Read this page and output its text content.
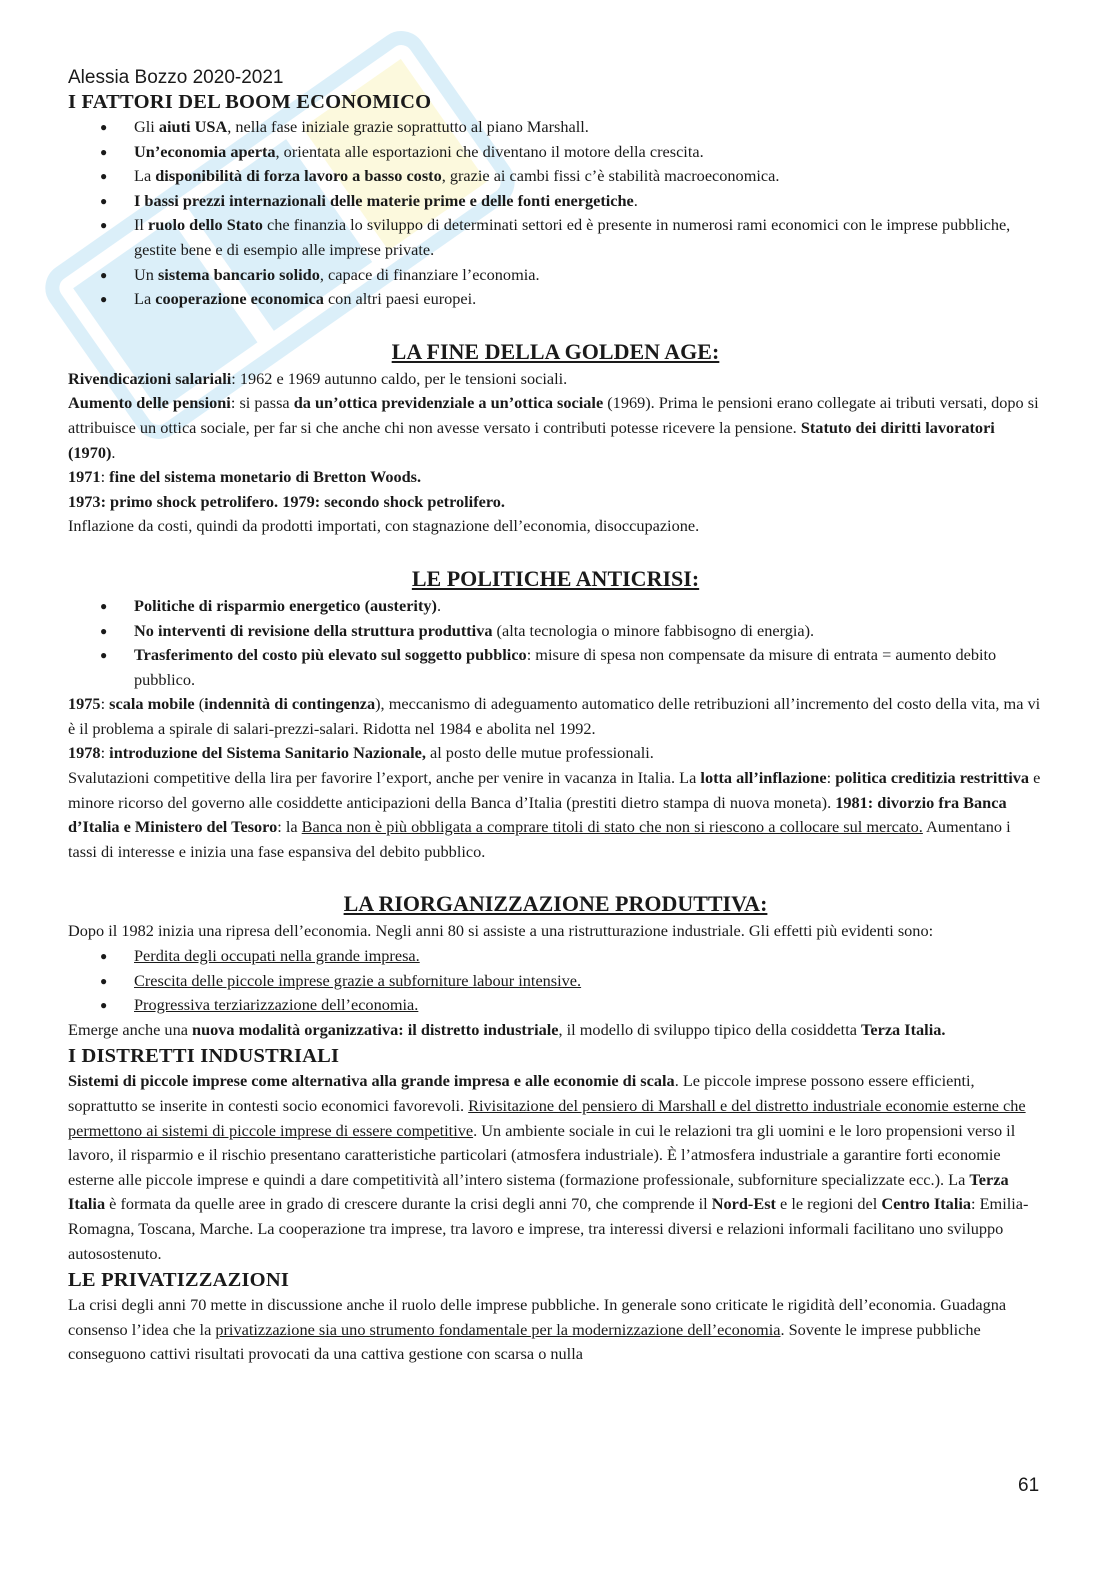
Alessia Bozzo 2020-2021

I FATTORI DEL BOOM ECONOMICO
● Gli aiuti USA, nella fase iniziale grazie soprattutto al piano Marshall.
● Un’economia aperta, orientata alle esportazioni che diventano il motore della crescita.
● La disponibilità di forza lavoro a basso costo, grazie ai cambi fissi c’è stabilità macroeconomica.
● I bassi prezzi internazionali delle materie prime e delle fonti energetiche.
● Il ruolo dello Stato che finanzia lo sviluppo di determinati settori ed è presente in numerosi rami economici con le imprese pubbliche, gestite bene e di esempio alle imprese private.
● Un sistema bancario solido, capace di finanziare l’economia.
● La cooperazione economica con altri paesi europei.
LA FINE DELLA GOLDEN AGE:

Rivendicazioni salariali: 1962 e 1969 autunno caldo, per le tensioni sociali.

Aumento delle pensioni: si passa da un’ottica previdenziale a un’ottica sociale (1969). Prima le pensioni erano collegate ai tributi versati, dopo si attribuisce un ottica sociale, per far si che anche chi non avesse versato i contributi potesse ricevere la pensione. Statuto dei diritti lavoratori (1970).

1971: fine del sistema monetario di Bretton Woods.

1973: primo shock petrolifero. 1979: secondo shock petrolifero.

Inflazione da costi, quindi da prodotti importati, con stagnazione dell’economia, disoccupazione.

LE POLITICHE ANTICRISI:
● Politiche di risparmio energetico (austerity).
● No interventi di revisione della struttura produttiva (alta tecnologia o minore fabbisogno di energia).
● Trasferimento del costo più elevato sul soggetto pubblico: misure di spesa non compensate da misure di entrata = aumento debito pubblico.

1975: scala mobile (indennità di contingenza), meccanismo di adeguamento automatico delle retribuzioni all’incremento del costo della vita, ma vi è il problema a spirale di salari-prezzi-salari. Ridotta nel 1984 e abolita nel 1992.

1978: introduzione del Sistema Sanitario Nazionale, al posto delle mutue professionali.

Svalutazioni competitive della lira per favorire l’export, anche per venire in vacanza in Italia. La lotta all’inflazione: politica creditizia restrittiva e minore ricorso del governo alle cosiddette anticipazioni della Banca d’Italia (prestiti dietro stampa di nuova moneta). 1981: divorzio fra Banca d’Italia e Ministero del Tesoro: la Banca non è più obbligata a comprare titoli di stato che non si riescono a collocare sul mercato. Aumentano i tassi di interesse e inizia una fase espansiva del debito pubblico.

LA RIORGANIZZAZIONE PRODUTTIVA:

Dopo il 1982 inizia una ripresa dell’economia. Negli anni 80 si assiste a una ristrutturazione industriale. Gli effetti più evidenti sono:

● Perdita degli occupati nella grande impresa.
● Crescita delle piccole imprese grazie a subforniture labour intensive.
● Progressiva terziarizzazione dell’economia.

Emerge anche una nuova modalità organizzativa: il distretto industriale, il modello di sviluppo tipico della cosiddetta Terza Italia.

I DISTRETTI INDUSTRIALI

Sistemi di piccole imprese come alternativa alla grande impresa e alle economie di scala. Le piccole imprese possono essere efficienti, soprattutto se inserite in contesti socio economici favorevoli. Rivisitazione del pensiero di Marshall e del distretto industriale economie esterne che permettono ai sistemi di piccole imprese di essere competitive. Un ambiente sociale in cui le relazioni tra gli uomini e le loro propensioni verso il lavoro, il risparmio e il rischio presentano caratteristiche particolari (atmosfera industriale). È l’atmosfera industriale a garantire forti economie esterne alle piccole imprese e quindi a dare competitività all’intero sistema (formazione professionale, subforniture specializzate ecc.). La Terza Italia è formata da quelle aree in grado di crescere durante la crisi degli anni 70, che comprende il Nord-Est e le regioni del Centro Italia: Emilia-Romagna, Toscana, Marche. La cooperazione tra imprese, tra lavoro e imprese, tra interessi diversi e relazioni informali facilitano uno sviluppo autosostenuto.

LE PRIVATIZZAZIONI

La crisi degli anni 70 mette in discussione anche il ruolo delle imprese pubbliche. In generale sono criticate le rigidità dell’economia. Guadagna consenso l’idea che la privatizzazione sia uno strumento fondamentale per la modernizzazione dell’economia. Sovente le imprese pubbliche conseguono cattivi risultati provocati da una cattiva gestione con scarsa o nulla

61
